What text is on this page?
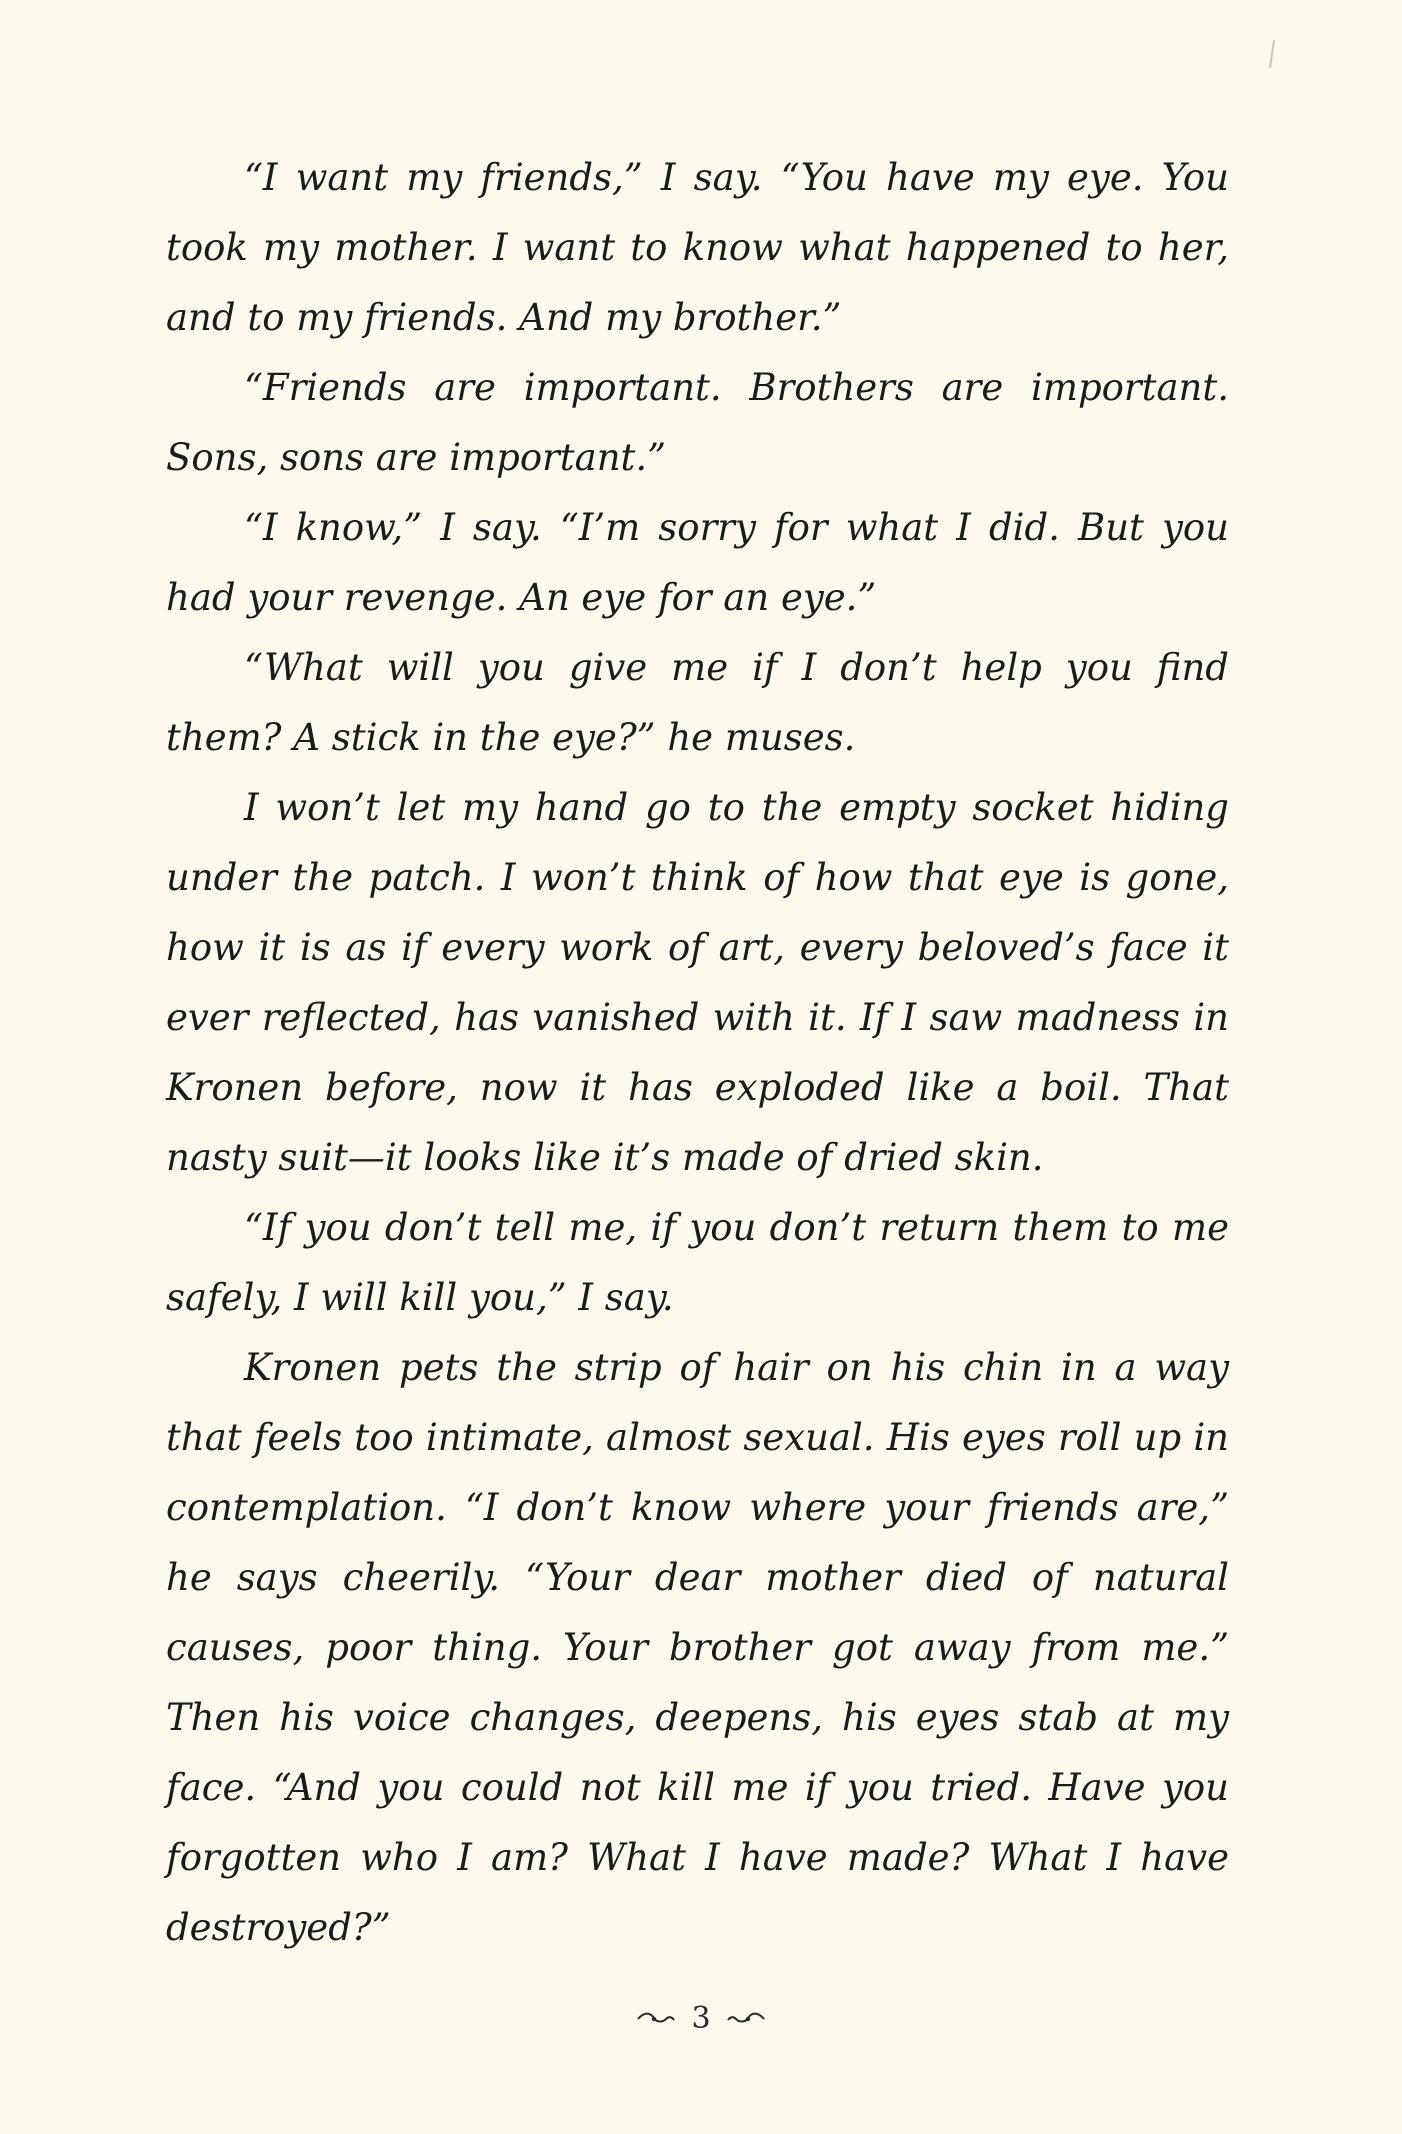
“I want my friends,” I say. “You have my eye. You took my mother. I want to know what happened to her, and to my friends. And my brother.”

“Friends are important. Brothers are important. Sons, sons are important.”

“I know,” I say. “I’m sorry for what I did. But you had your revenge. An eye for an eye.”

“What will you give me if I don’t help you find them? A stick in the eye?” he muses.

I won’t let my hand go to the empty socket hiding under the patch. I won’t think of how that eye is gone, how it is as if every work of art, every beloved’s face it ever reflected, has vanished with it. If I saw madness in Kronen before, now it has exploded like a boil. That nasty suit—it looks like it’s made of dried skin.

“If you don’t tell me, if you don’t return them to me safely, I will kill you,” I say.

Kronen pets the strip of hair on his chin in a way that feels too intimate, almost sexual. His eyes roll up in contemplation. “I don’t know where your friends are,” he says cheerily. “Your dear mother died of natural causes, poor thing. Your brother got away from me.” Then his voice changes, deepens, his eyes stab at my face. “And you could not kill me if you tried. Have you forgotten who I am? What I have made? What I have destroyed?”

3
